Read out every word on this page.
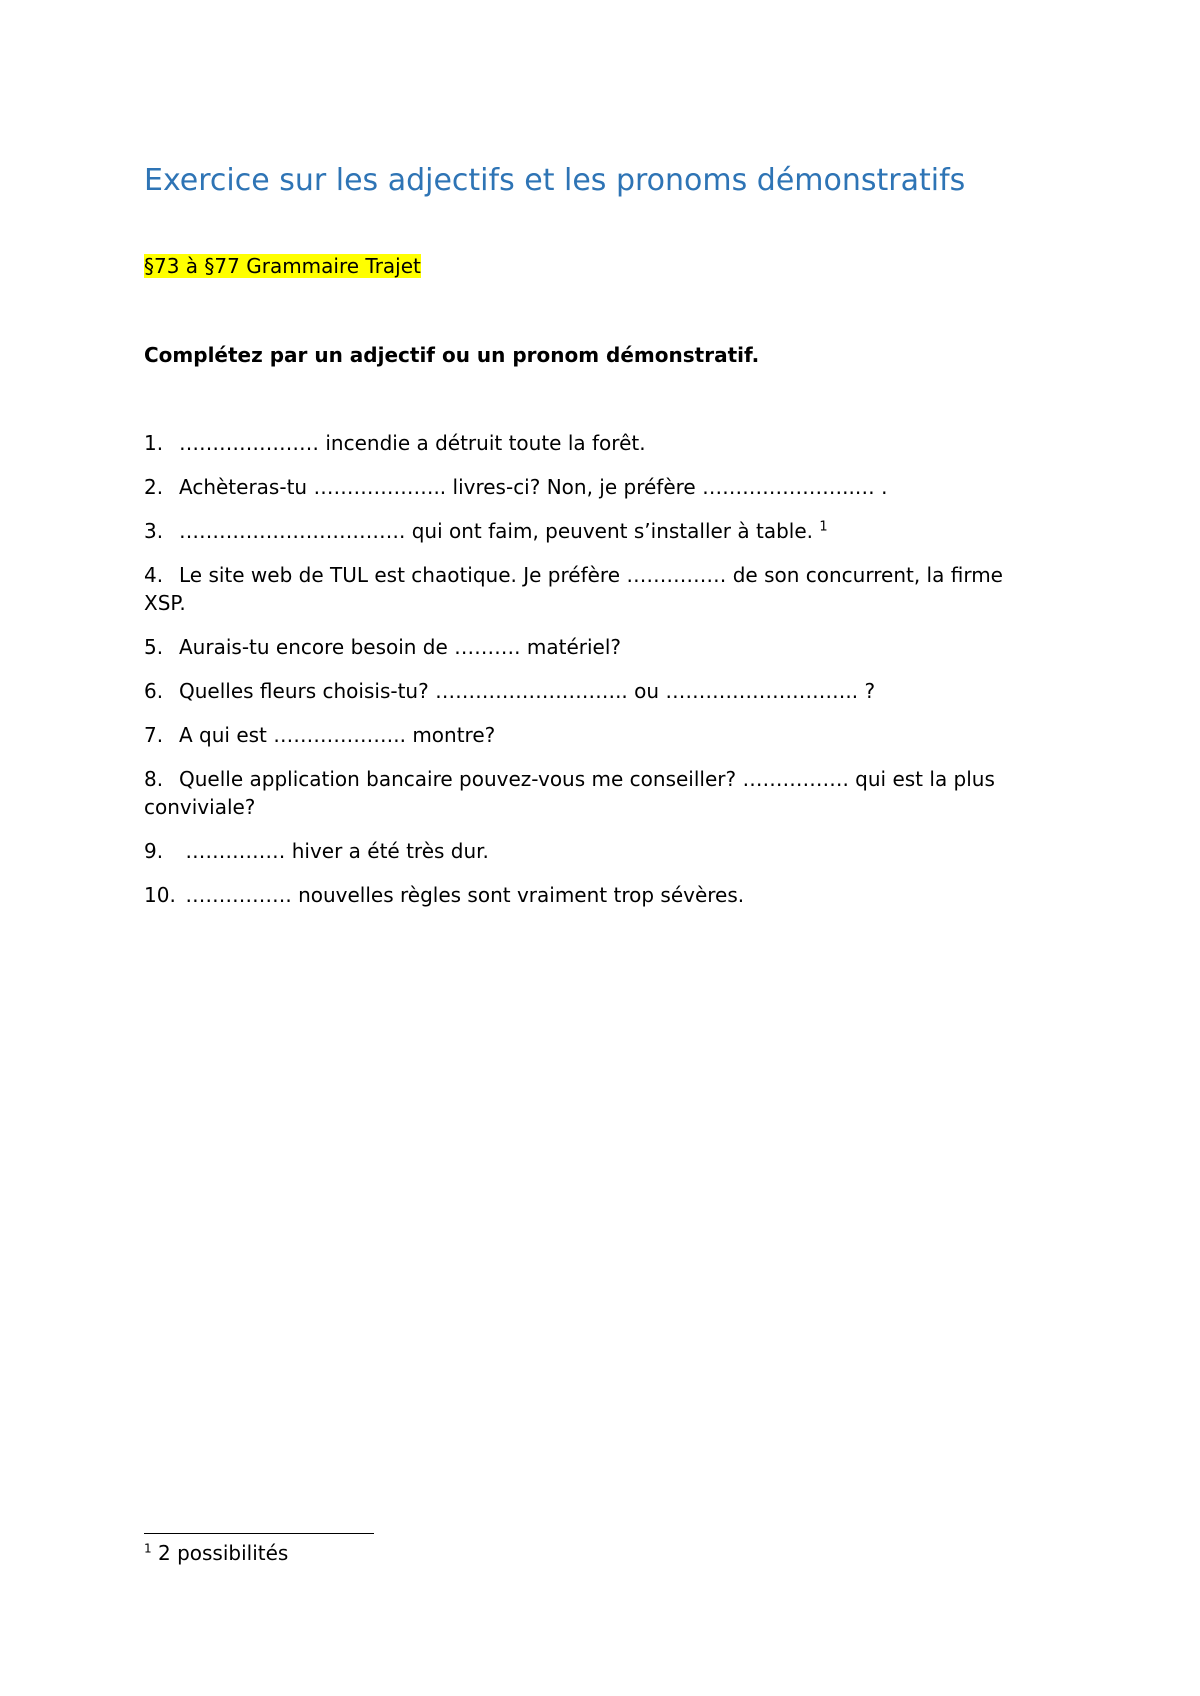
Exercice sur les adjectifs et les pronoms démonstratifs

§73 à §77 Grammaire Trajet

Complétez par un adjectif ou un pronom démonstratif.

1. ………………… incendie a détruit toute la forêt.
2. Achèteras-tu ……………….. livres-ci? Non, je préfère …………………..… .
3. ……………………………. qui ont faim, peuvent s’installer à table. $^1$
4. Le site web de TUL est chaotique. Je préfère …………… de son concurrent, la firme XSP.
5. Aurais-tu encore besoin de ………. matériel?
6. Quelles fleurs choisis-tu? ……………………….. ou ……………………….. ?
7. A qui est ……………….. montre?
8. Quelle application bancaire pouvez-vous me conseiller? ……………. qui est la plus conviviale?
9. …………… hiver a été très dur.
10. ……………. nouvelles règles sont vraiment trop sévères.

$^1$ 2 possibilités
